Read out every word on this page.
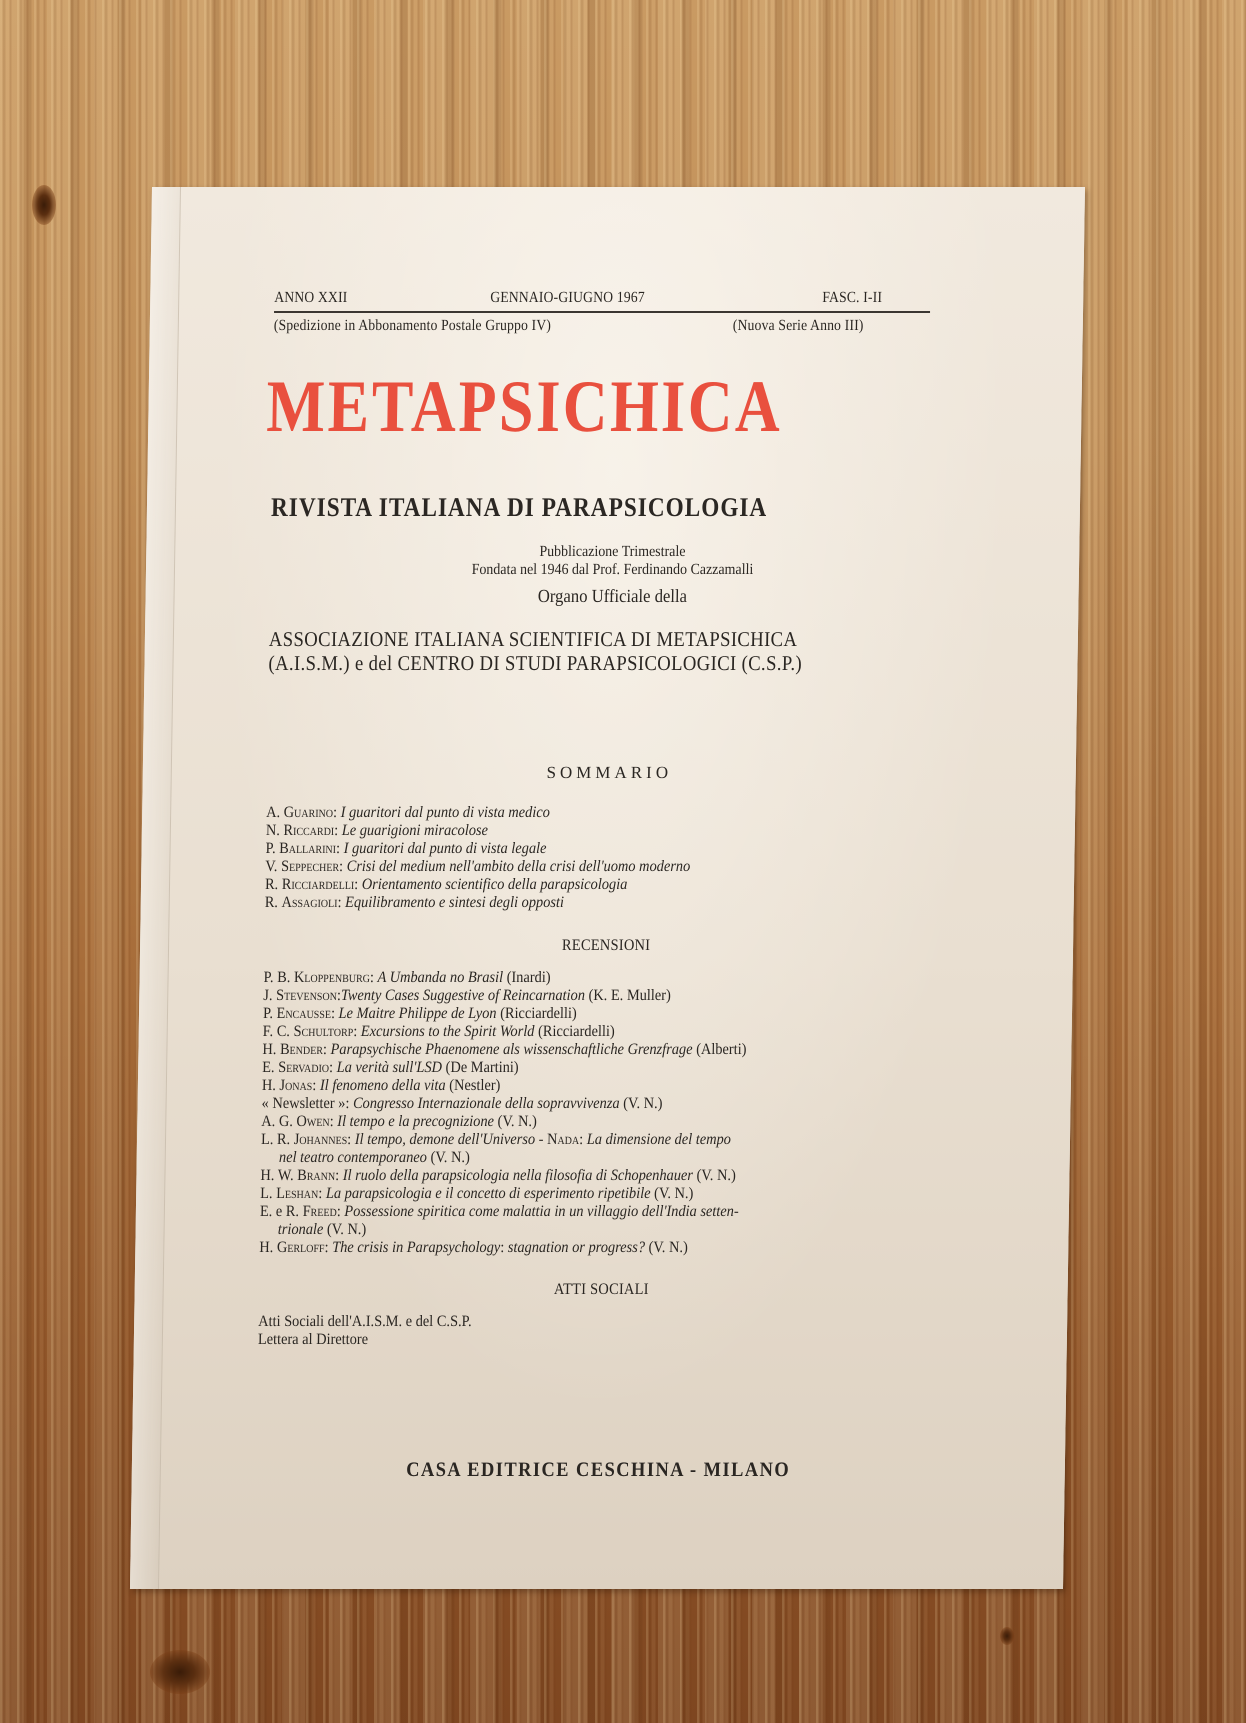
ANNO XXII	GENNAIO-GIUGNO 1967	FASC. I-II
(Spedizione in Abbonamento Postale Gruppo IV)	(Nuova Serie Anno III)
METAPSICHICA
RIVISTA ITALIANA DI PARAPSICOLOGIA
Pubblicazione Trimestrale
Fondata nel 1946 dal Prof. Ferdinando Cazzamalli
Organo Ufficiale della
ASSOCIAZIONE ITALIANA SCIENTIFICA DI METAPSICHICA
(A.I.S.M.) e del CENTRO DI STUDI PARAPSICOLOGICI (C.S.P.)
SOMMARIO
A. Guarino: I guaritori dal punto di vista medico
N. Riccardi: Le guarigioni miracolose
P. Ballarini: I guaritori dal punto di vista legale
V. Seppecher: Crisi del medium nell'ambito della crisi dell'uomo moderno
R. Ricciardelli: Orientamento scientifico della parapsicologia
R. Assagioli: Equilibramento e sintesi degli opposti
RECENSIONI
P. B. Kloppenburg: A Umbanda no Brasil (Inardi)
J. Stevenson:Twenty Cases Suggestive of Reincarnation (K. E. Muller)
P. Encausse: Le Maitre Philippe de Lyon (Ricciardelli)
F. C. Schultorp: Excursions to the Spirit World (Ricciardelli)
H. Bender: Parapsychische Phaenomene als wissenschaftliche Grenzfrage (Alberti)
E. Servadio: La verità sull'LSD (De Martini)
H. Jonas: Il fenomeno della vita (Nestler)
« Newsletter »: Congresso Internazionale della sopravvivenza (V. N.)
A. G. Owen: Il tempo e la precognizione (V. N.)
L. R. Johannes: Il tempo, demone dell'Universo - Nada: La dimensione del tempo
nel teatro contemporaneo (V. N.)
H. W. Brann: Il ruolo della parapsicologia nella filosofia di Schopenhauer (V. N.)
L. Leshan: La parapsicologia e il concetto di esperimento ripetibile (V. N.)
E. e R. Freed: Possessione spiritica come malattia in un villaggio dell'India setten-
trionale (V. N.)
H. Gerloff: The crisis in Parapsychology: stagnation or progress? (V. N.)
ATTI SOCIALI
Atti Sociali dell'A.I.S.M. e del C.S.P.
Lettera al Direttore
CASA EDITRICE CESCHINA - MILANO
